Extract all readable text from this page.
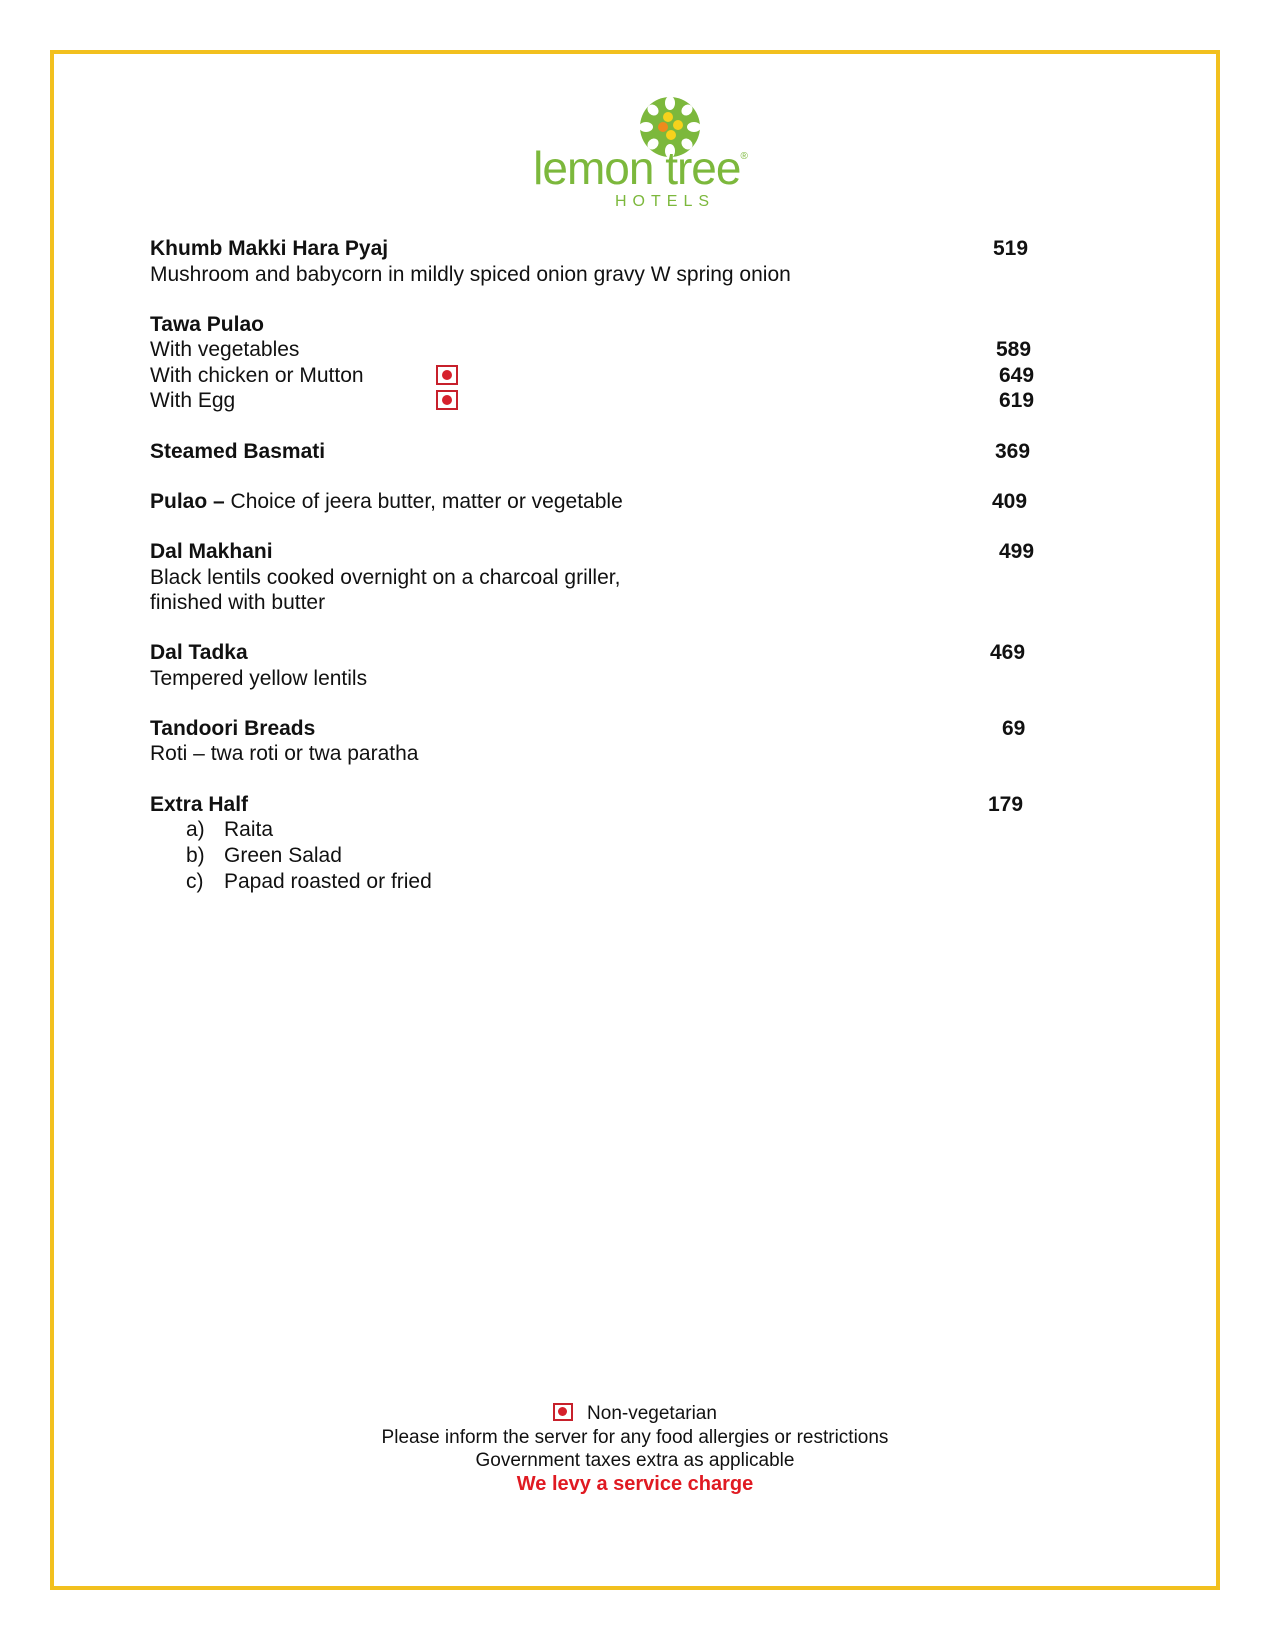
lemon tree®
HOTELS
Khumb Makki Hara Pyaj	519
Mushroom and babycorn in mildly spiced onion gravy W spring onion
Tawa Pulao
With vegetables	589
With chicken or Mutton	649
With Egg	619
Steamed Basmati	369
Pulao – Choice of jeera butter, matter or vegetable	409
Dal Makhani	499
Black lentils cooked overnight on a charcoal griller,
finished with butter
Dal Tadka	469
Tempered yellow lentils
Tandoori Breads	69
Roti – twa roti or twa paratha
Extra Half	179
a) Raita
b) Green Salad
c) Papad roasted or fried
Non-vegetarian
Please inform the server for any food allergies or restrictions
Government taxes extra as applicable
We levy a service charge
